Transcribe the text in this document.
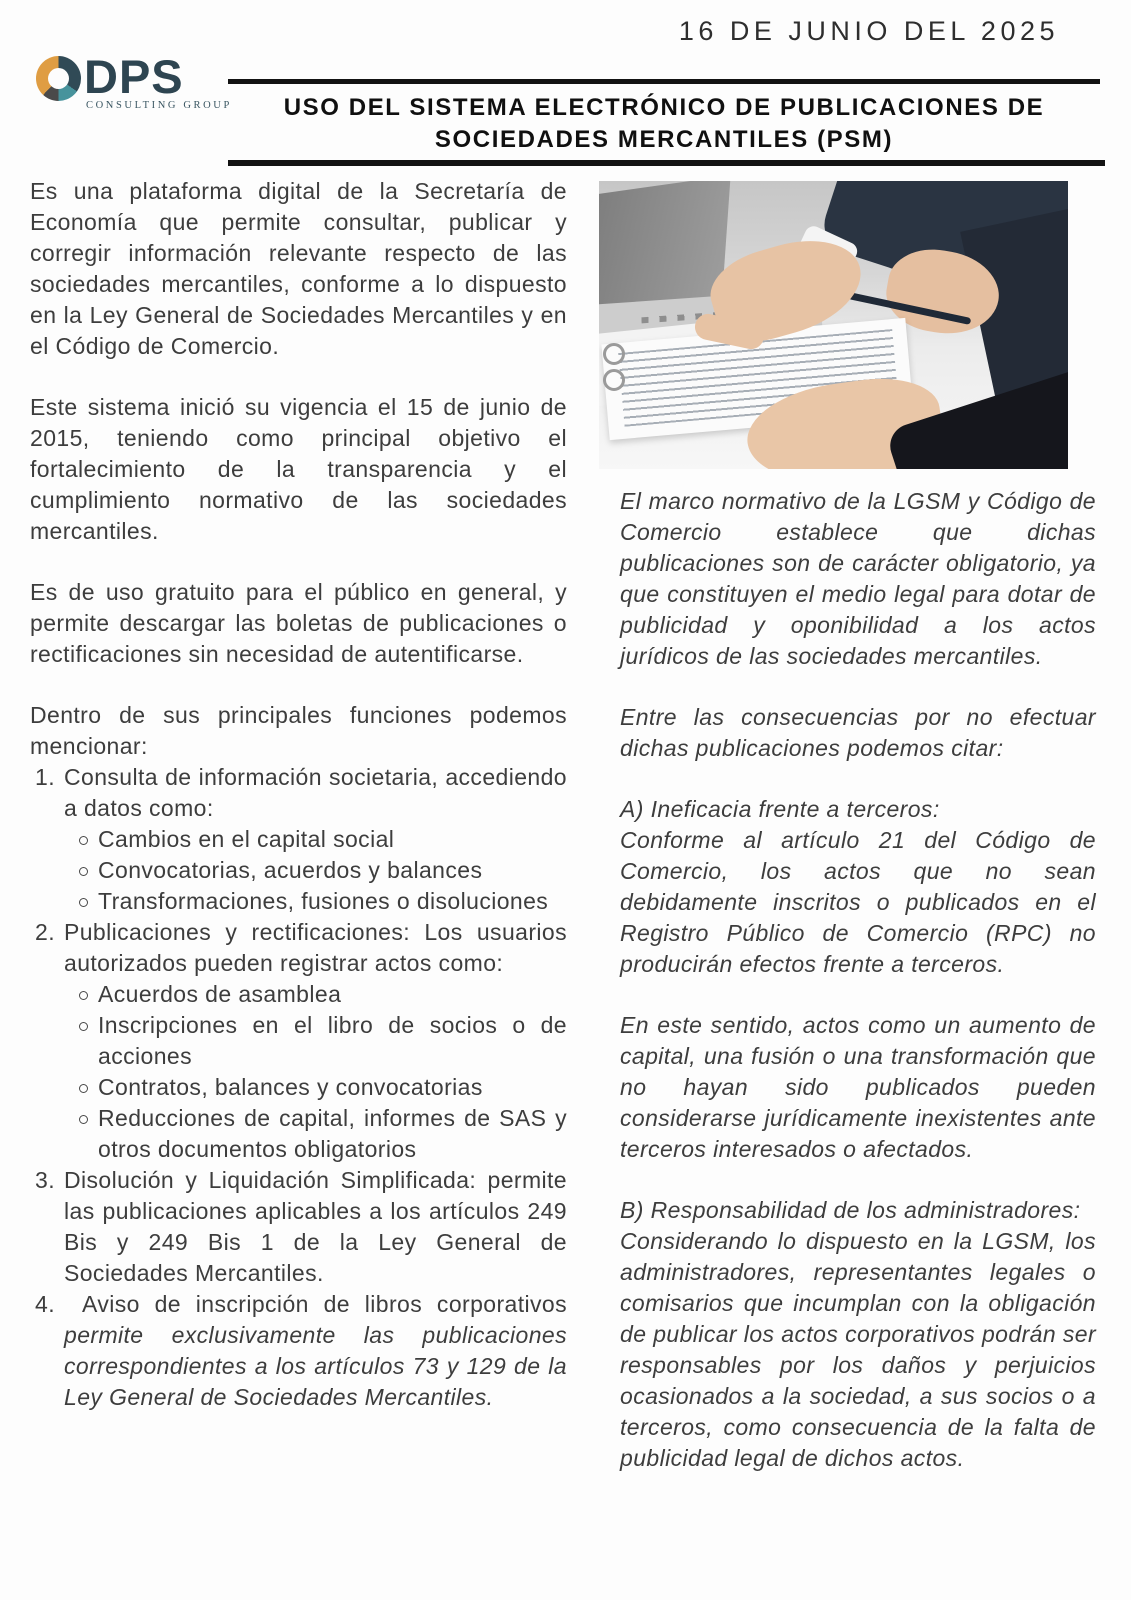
16 DE JUNIO DEL 2025
DPS
CONSULTING GROUP	USO DEL SISTEMA ELECTRÓNICO DE PUBLICACIONES DE
SOCIEDADES MERCANTILES (PSM)

Es una plataforma digital de la Secretaría de Economía que permite consultar, publicar y corregir información relevante respecto de las sociedades mercantiles, conforme a lo dispuesto en la Ley General de Sociedades Mercantiles y en el Código de Comercio.

Este sistema inició su vigencia el 15 de junio de 2015, teniendo como principal objetivo el fortalecimiento de la transparencia y el cumplimiento normativo de las sociedades mercantiles.

Es de uso gratuito para el público en general, y permite descargar las boletas de publicaciones o rectificaciones sin necesidad de autentificarse.

Dentro de sus principales funciones podemos mencionar:

1. Consulta de información societaria, accediendo a datos como:

Cambios en el capital social

Convocatorias, acuerdos y balances

Transformaciones, fusiones o disoluciones

2. Publicaciones y rectificaciones: Los usuarios autorizados pueden registrar actos como:

Acuerdos de asamblea

Inscripciones en el libro de socios o de acciones

Contratos, balances y convocatorias

Reducciones de capital, informes de SAS y otros documentos obligatorios

3. Disolución y Liquidación Simplificada: permite las publicaciones aplicables a los artículos 249 Bis y 249 Bis 1 de la Ley General de Sociedades Mercantiles.

4.	Aviso de inscripción de libros corporativos permite exclusivamente las publicaciones correspondientes a los artículos 73 y 129 de la Ley General de Sociedades Mercantiles.

El marco normativo de la LGSM y Código de Comercio establece que dichas publicaciones son de carácter obligatorio, ya que constituyen el medio legal para dotar de publicidad y oponibilidad a los actos jurídicos de las sociedades mercantiles.

Entre las consecuencias por no efectuar dichas publicaciones podemos citar:

A) Ineficacia frente a terceros:

Conforme al artículo 21 del Código de Comercio, los actos que no sean debidamente inscritos o publicados en el Registro Público de Comercio (RPC) no producirán efectos frente a terceros.

En este sentido, actos como un aumento de capital, una fusión o una transformación que no hayan sido publicados pueden considerarse jurídicamente inexistentes ante terceros interesados o afectados.

B) Responsabilidad de los administradores:

Considerando lo dispuesto en la LGSM, los administradores, representantes legales o comisarios que incumplan con la obligación de publicar los actos corporativos podrán ser responsables por los daños y perjuicios ocasionados a la sociedad, a sus socios o a terceros, como consecuencia de la falta de publicidad legal de dichos actos.
